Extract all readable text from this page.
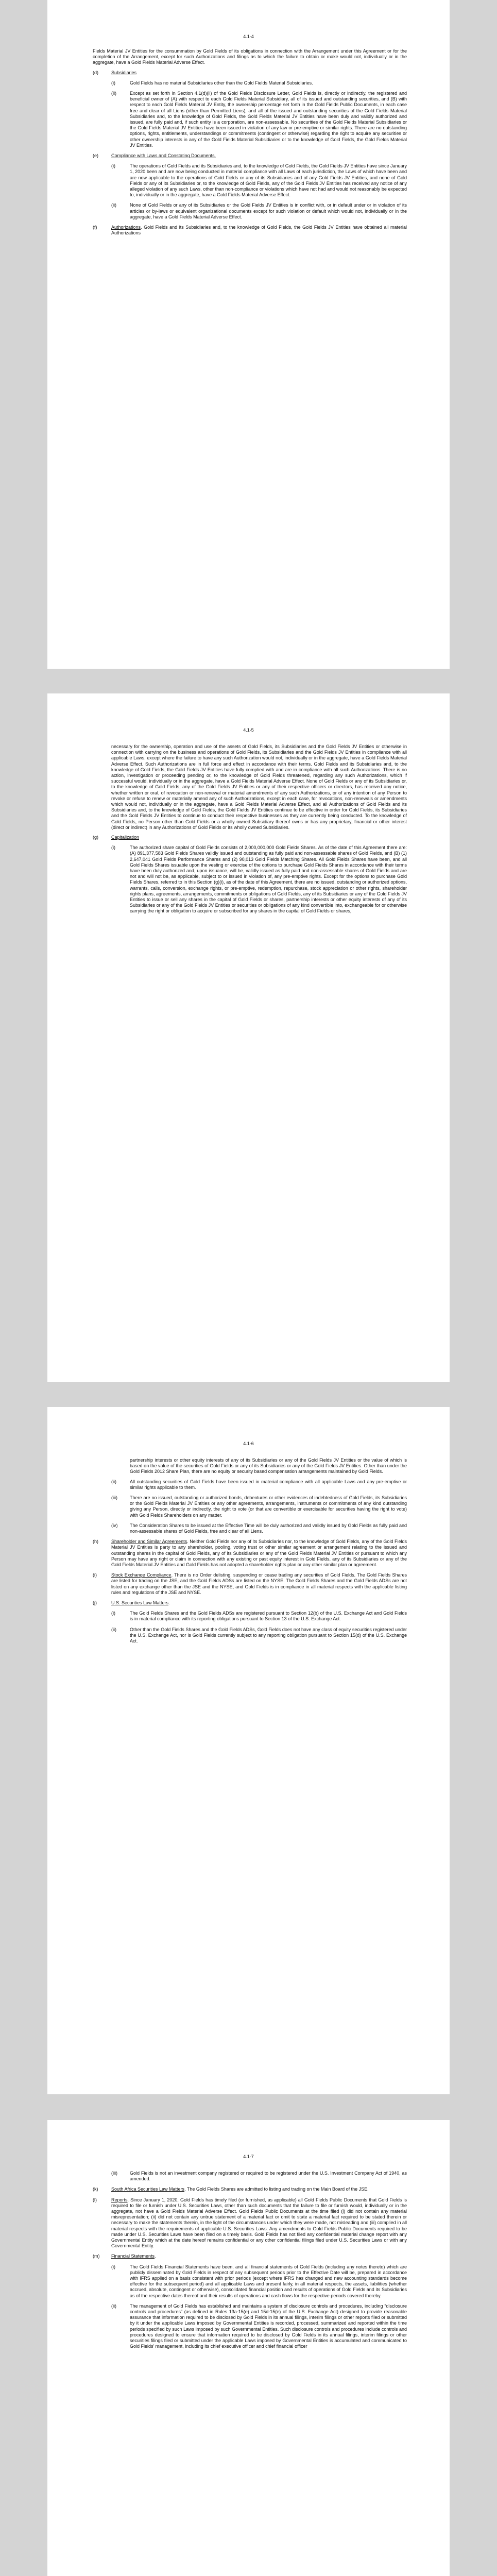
4.1-4

Fields Material JV Entities for the consummation by Gold Fields of its obligations in connection with the Arrangement under this Agreement or for the completion of the Arrangement, except for such Authorizations and filings as to which the failure to obtain or make would not, individually or in the aggregate, have a Gold Fields Material Adverse Effect.

(d)	Subsidiaries
(i)	Gold Fields has no material Subsidiaries other than the Gold Fields Material Subsidiaries.
(ii)	Except as set forth in Section 4.1(d)(ii) of the Gold Fields Disclosure Letter, Gold Fields is, directly or indirectly, the registered and beneficial owner of (A) with respect to each Gold Fields Material Subsidiary, all of its issued and outstanding securities, and (B) with respect to each Gold Fields Material JV Entity, the ownership percentage set forth in the Gold Fields Public Documents, in each case free and clear of all Liens (other than Permitted Liens), and all of the issued and outstanding securities of the Gold Fields Material Subsidiaries and, to the knowledge of Gold Fields, the Gold Fields Material JV Entities have been duly and validly authorized and issued, are fully paid and, if such entity is a corporation, are non-assessable. No securities of the Gold Fields Material Subsidiaries or the Gold Fields Material JV Entities have been issued in violation of any law or pre-emptive or similar rights. There are no outstanding options, rights, entitlements, understandings or commitments (contingent or otherwise) regarding the right to acquire any securities or other ownership interests in any of the Gold Fields Material Subsidiaries or to the knowledge of Gold Fields, the Gold Fields Material JV Entities.
(e)	Compliance with Laws and Constating Documents.
(i)	The operations of Gold Fields and its Subsidiaries and, to the knowledge of Gold Fields, the Gold Fields JV Entities have since January 1, 2020 been and are now being conducted in material compliance with all Laws of each jurisdiction, the Laws of which have been and are now applicable to the operations of Gold Fields or any of its Subsidiaries and of any Gold Fields JV Entities, and none of Gold Fields or any of its Subsidiaries or, to the knowledge of Gold Fields, any of the Gold Fields JV Entities has received any notice of any alleged violation of any such Laws, other than non-compliance or violations which have not had and would not reasonably be expected to, individually or in the aggregate, have a Gold Fields Material Adverse Effect.
(ii)	None of Gold Fields or any of its Subsidiaries or the Gold Fields JV Entities is in conflict with, or in default under or in violation of its articles or by-laws or equivalent organizational documents except for such violation or default which would not, individually or in the aggregate, have a Gold Fields Material Adverse Effect.
(f)	Authorizations. Gold Fields and its Subsidiaries and, to the knowledge of Gold Fields, the Gold Fields JV Entities have obtained all material Authorizations

4.1-5

necessary for the ownership, operation and use of the assets of Gold Fields, its Subsidiaries and the Gold Fields JV Entities or otherwise in connection with carrying on the business and operations of Gold Fields, its Subsidiaries and the Gold Fields JV Entities in compliance with all applicable Laws, except where the failure to have any such Authorization would not, individually or in the aggregate, have a Gold Fields Material Adverse Effect. Such Authorizations are in full force and effect in accordance with their terms. Gold Fields and its Subsidiaries and, to the knowledge of Gold Fields, the Gold Fields JV Entities have fully complied with and are in compliance with all such Authorizations. There is no action, investigation or proceeding pending or, to the knowledge of Gold Fields threatened, regarding any such Authorizations, which if successful would, individually or in the aggregate, have a Gold Fields Material Adverse Effect. None of Gold Fields or any of its Subsidiaries or, to the knowledge of Gold Fields, any of the Gold Fields JV Entities or any of their respective officers or directors, has received any notice, whether written or oral, of revocation or non-renewal or material amendments of any such Authorizations, or of any intention of any Person to revoke or refuse to renew or materially amend any of such Authorizations, except in each case, for revocations, non-renewals or amendments which would not, individually or in the aggregate, have a Gold Fields Material Adverse Effect, and all Authorizations of Gold Fields and its Subsidiaries and, to the knowledge of Gold Fields, the Gold Fields JV Entities continue to be effective in order for Gold Fields, its Subsidiaries and the Gold Fields JV Entities to continue to conduct their respective businesses as they are currently being conducted. To the knowledge of Gold Fields, no Person other than Gold Fields or a wholly owned Subsidiary thereof owns or has any proprietary, financial or other interest (direct or indirect) in any Authorizations of Gold Fields or its wholly owned Subsidiaries.

(g)	Capitalization
(i)	The authorized share capital of Gold Fields consists of 2,000,000,000 Gold Fields Shares. As of the date of this Agreement there are: (A) 891,377,583 Gold Fields Shares validly issued and outstanding as fully paid and non-assessable shares of Gold Fields, and (B) (1) 2,647,041 Gold Fields Performance Shares and (2) 90,013 Gold Fields Matching Shares. All Gold Fields Shares have been, and all Gold Fields Shares issuable upon the vesting or exercise of the options to purchase Gold Fields Shares in accordance with their terms have been duly authorized and, upon issuance, will be, validly issued as fully paid and non-assessable shares of Gold Fields and are not and will not be, as applicable, subject to or issued in violation of, any pre-emptive rights. Except for the options to purchase Gold Fields Shares, referred to in this Section (g)(i), as of the date of this Agreement, there are no issued, outstanding or authorized options, warrants, calls, conversion, exchange rights, or pre-emptive, redemption, repurchase, stock appreciation or other rights, shareholder rights plans, agreements, arrangements, commitments or obligations of Gold Fields, any of its Subsidiaries or any of the Gold Fields JV Entities to issue or sell any shares in the capital of Gold Fields or shares, partnership interests or other equity interests of any of its Subsidiaries or any of the Gold Fields JV Entities or securities or obligations of any kind convertible into, exchangeable for or otherwise carrying the right or obligation to acquire or subscribed for any shares in the capital of Gold Fields or shares,

4.1-6

partnership interests or other equity interests of any of its Subsidiaries or any of the Gold Fields JV Entities or the value of which is based on the value of the securities of Gold Fields or any of its Subsidiaries or any of the Gold Fields JV Entities. Other than under the Gold Fields 2012 Share Plan, there are no equity or security based compensation arrangements maintained by Gold Fields.

(ii)	All outstanding securities of Gold Fields have been issued in material compliance with all applicable Laws and any pre-emptive or similar rights applicable to them.
(iii)	There are no issued, outstanding or authorized bonds, debentures or other evidences of indebtedness of Gold Fields, its Subsidiaries or the Gold Fields Material JV Entities or any other agreements, arrangements, instruments or commitments of any kind outstanding giving any Person, directly or indirectly, the right to vote (or that are convertible or exercisable for securities having the right to vote) with Gold Fields Shareholders on any matter.
(iv)	The Consideration Shares to be issued at the Effective Time will be duly authorized and validly issued by Gold Fields as fully paid and non-assessable shares of Gold Fields, free and clear of all Liens.
(h)	Shareholder and Similar Agreements. Neither Gold Fields nor any of its Subsidiaries nor, to the knowledge of Gold Fields, any of the Gold Fields Material JV Entities is party to any shareholder, pooling, voting trust or other similar agreement or arrangement relating to the issued and outstanding shares in the capital of Gold Fields, any of its Subsidiaries or any of the Gold Fields Material JV Entities or pursuant to which any Person may have any right or claim in connection with any existing or past equity interest in Gold Fields, any of its Subsidiaries or any of the Gold Fields Material JV Entities and Gold Fields has not adopted a shareholder rights plan or any other similar plan or agreement.
(i)	Stock Exchange Compliance. There is no Order delisting, suspending or cease trading any securities of Gold Fields. The Gold Fields Shares are listed for trading on the JSE, and the Gold Fields ADSs are listed on the NYSE. The Gold Fields Shares and the Gold Fields ADSs are not listed on any exchange other than the JSE and the NYSE, and Gold Fields is in compliance in all material respects with the applicable listing rules and regulations of the JSE and NYSE.
(j)	U.S. Securities Law Matters.
(i)	The Gold Fields Shares and the Gold Fields ADSs are registered pursuant to Section 12(b) of the U.S. Exchange Act and Gold Fields is in material compliance with its reporting obligations pursuant to Section 13 of the U.S. Exchange Act.
(ii)	Other than the Gold Fields Shares and the Gold Fields ADSs, Gold Fields does not have any class of equity securities registered under the U.S. Exchange Act, nor is Gold Fields currently subject to any reporting obligation pursuant to Section 15(d) of the U.S. Exchange Act.

4.1-7

(iii)	Gold Fields is not an investment company registered or required to be registered under the U.S. Investment Company Act of 1940, as amended.
(k)	South Africa Securities Law Matters. The Gold Fields Shares are admitted to listing and trading on the Main Board of the JSE.
(l)	Reports. Since January 1, 2020, Gold Fields has timely filed (or furnished, as applicable) all Gold Fields Public Documents that Gold Fields is required to file or furnish under U.S. Securities Laws, other than such documents that the failure to file or furnish would, individually or in the aggregate, not have a Gold Fields Material Adverse Effect. Gold Fields Public Documents at the time filed (i) did not contain any material misrepresentation; (ii) did not contain any untrue statement of a material fact or omit to state a material fact required to be stated therein or necessary to make the statements therein, in the light of the circumstances under which they were made, not misleading and (iii) complied in all material respects with the requirements of applicable U.S. Securities Laws. Any amendments to Gold Fields Public Documents required to be made under U.S. Securities Laws have been filed on a timely basis. Gold Fields has not filed any confidential material change report with any Governmental Entity which at the date hereof remains confidential or any other confidential filings filed under U.S. Securities Laws or with any Governmental Entity.
(m)	Financial Statements.
(i)	The Gold Fields Financial Statements have been, and all financial statements of Gold Fields (including any notes thereto) which are publicly disseminated by Gold Fields in respect of any subsequent periods prior to the Effective Date will be, prepared in accordance with IFRS applied on a basis consistent with prior periods (except where IFRS has changed and new accounting standards become effective for the subsequent period) and all applicable Laws and present fairly, in all material respects, the assets, liabilities (whether accrued, absolute, contingent or otherwise), consolidated financial position and results of operations of Gold Fields and its Subsidiaries as of the respective dates thereof and their results of operations and cash flows for the respective periods covered thereby.
(ii)	The management of Gold Fields has established and maintains a system of disclosure controls and procedures, including “disclosure controls and procedures” (as defined in Rules 13a-15(e) and 15d-15(e) of the U.S. Exchange Act) designed to provide reasonable assurance that information required to be disclosed by Gold Fields in its annual filings, interim filings or other reports filed or submitted by it under the applicable Laws imposed by Governmental Entities is recorded, processed, summarized and reported within the time periods specified by such Laws imposed by such Governmental Entities. Such disclosure controls and procedures include controls and procedures designed to ensure that information required to be disclosed by Gold Fields in its annual filings, interim filings or other securities filings filed or submitted under the applicable Laws imposed by Governmental Entities is accumulated and communicated to Gold Fields’ management, including its chief executive officer and chief financial officer
